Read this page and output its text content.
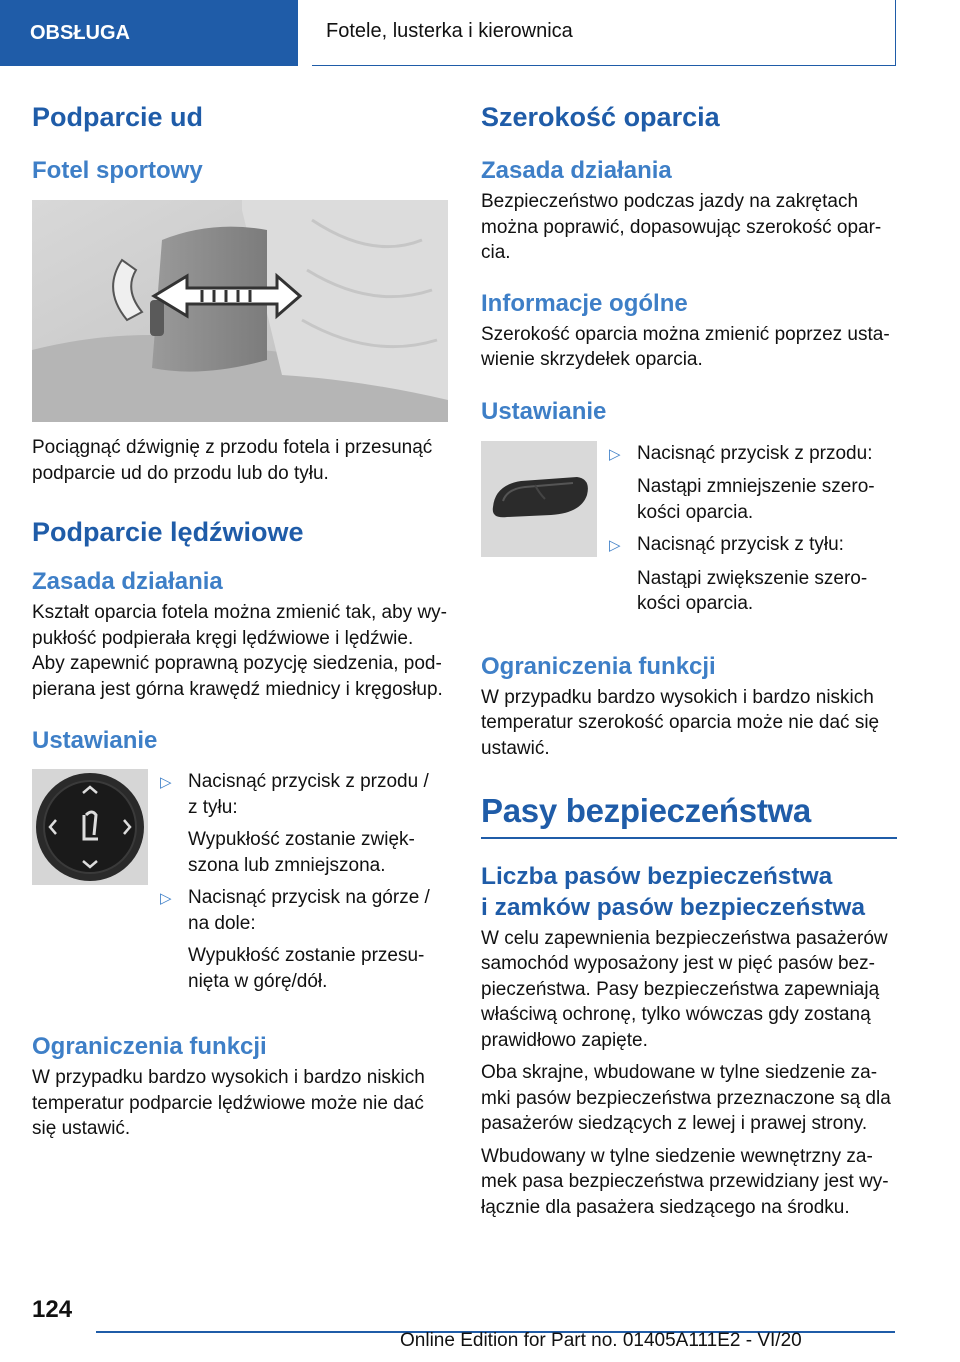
OBSŁUGA	Fotele, lusterka i kierownica
Podparcie ud
Fotel sportowy
Pociągnąć dźwignię z przodu fotela i przesunąć
podparcie ud do przodu lub do tyłu.
Podparcie lędźwiowe
Zasada działania
Kształt oparcia fotela można zmienić tak, aby wy-
pukłość podpierała kręgi lędźwiowe i lędźwie.
Aby zapewnić poprawną pozycję siedzenia, pod-
pierana jest górna krawędź miednicy i kręgosłup.
Ustawianie
▷ Nacisnąć przycisk z przodu /
z tyłu:
Wypukłość zostanie zwięk-
szona lub zmniejszona.
▷ Nacisnąć przycisk na górze /
na dole:
Wypukłość zostanie przesu-
nięta w górę/dół.
Ograniczenia funkcji
W przypadku bardzo wysokich i bardzo niskich
temperatur podparcie lędźwiowe może nie dać
się ustawić.
Szerokość oparcia
Zasada działania
Bezpieczeństwo podczas jazdy na zakrętach
można poprawić, dopasowując szerokość opar-
cia.
Informacje ogólne
Szerokość oparcia można zmienić poprzez usta-
wienie skrzydełek oparcia.
Ustawianie
▷ Nacisnąć przycisk z przodu:
Nastąpi zmniejszenie szero-
kości oparcia.
▷ Nacisnąć przycisk z tyłu:
Nastąpi zwiększenie szero-
kości oparcia.
Ograniczenia funkcji
W przypadku bardzo wysokich i bardzo niskich
temperatur szerokość oparcia może nie dać się
ustawić.
Pasy bezpieczeństwa
Liczba pasów bezpieczeństwa
i zamków pasów bezpieczeństwa
W celu zapewnienia bezpieczeństwa pasażerów
samochód wyposażony jest w pięć pasów bez-
pieczeństwa. Pasy bezpieczeństwa zapewniają
właściwą ochronę, tylko wówczas gdy zostaną
prawidłowo zapięte.
Oba skrajne, wbudowane w tylne siedzenie za-
mki pasów bezpieczeństwa przeznaczone są dla
pasażerów siedzących z lewej i prawej strony.
Wbudowany w tylne siedzenie wewnętrzny za-
mek pasa bezpieczeństwa przewidziany jest wy-
łącznie dla pasażera siedzącego na środku.
124
Online Edition for Part no. 01405A111E2 - VI/20
